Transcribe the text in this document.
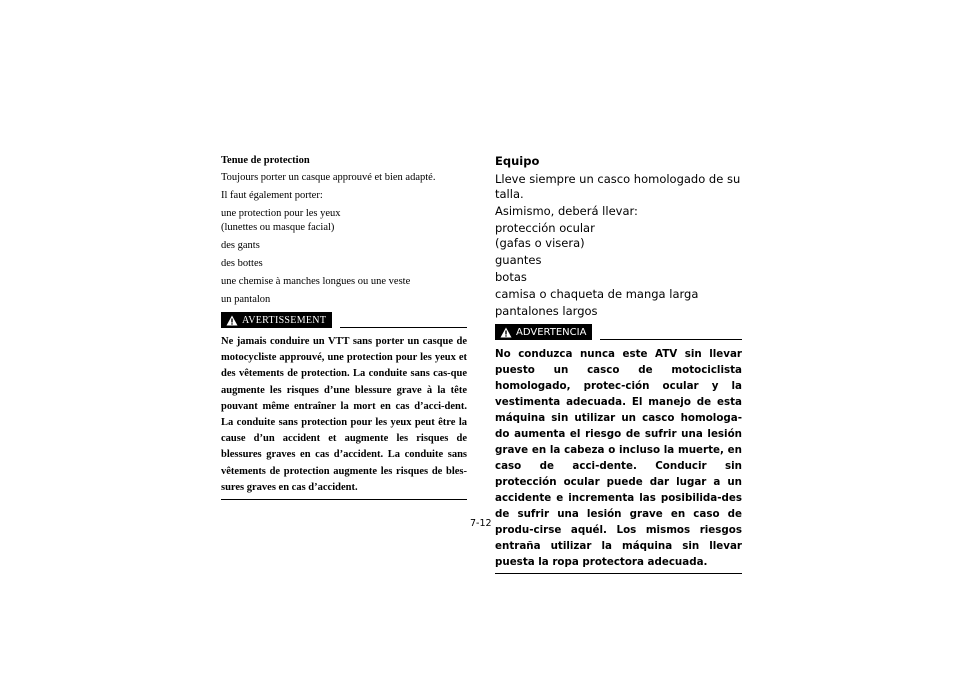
Tenue de protection
Toujours porter un casque approuvé et bien adapté.
Il faut également porter:
une protection pour les yeux
(lunettes ou masque facial)
des gants
des bottes
une chemise à manches longues ou une veste
un pantalon
AVERTISSEMENT

Ne jamais conduire un VTT sans porter un casque de motocycliste approuvé, une protection pour les yeux et des vêtements de protection. La conduite sans cas-que augmente les risques d’une blessure grave à la tête pouvant même entraîner la mort en cas d’acci-dent. La conduite sans protection pour les yeux peut être la cause d’un accident et augmente les risques de blessures graves en cas d’accident. La conduite sans vêtements de protection augmente les risques de bles-sures graves en cas d’accident.

Equipo
Lleve siempre un casco homologado de su talla.
Asimismo, deberá llevar:
protección ocular
(gafas o visera)
guantes
botas
camisa o chaqueta de manga larga
pantalones largos
ADVERTENCIA

No conduzca nunca este ATV sin llevar puesto un casco de motociclista homologado, protec-ción ocular y la vestimenta adecuada. El manejo de esta máquina sin utilizar un casco homologa-do aumenta el riesgo de sufrir una lesión grave en la cabeza o incluso la muerte, en caso de acci-dente. Conducir sin protección ocular puede dar lugar a un accidente e incrementa las posibilida-des de sufrir una lesión grave en caso de produ-cirse aquél. Los mismos riesgos entraña utilizar la máquina sin llevar puesta la ropa protectora adecuada.

7-12
